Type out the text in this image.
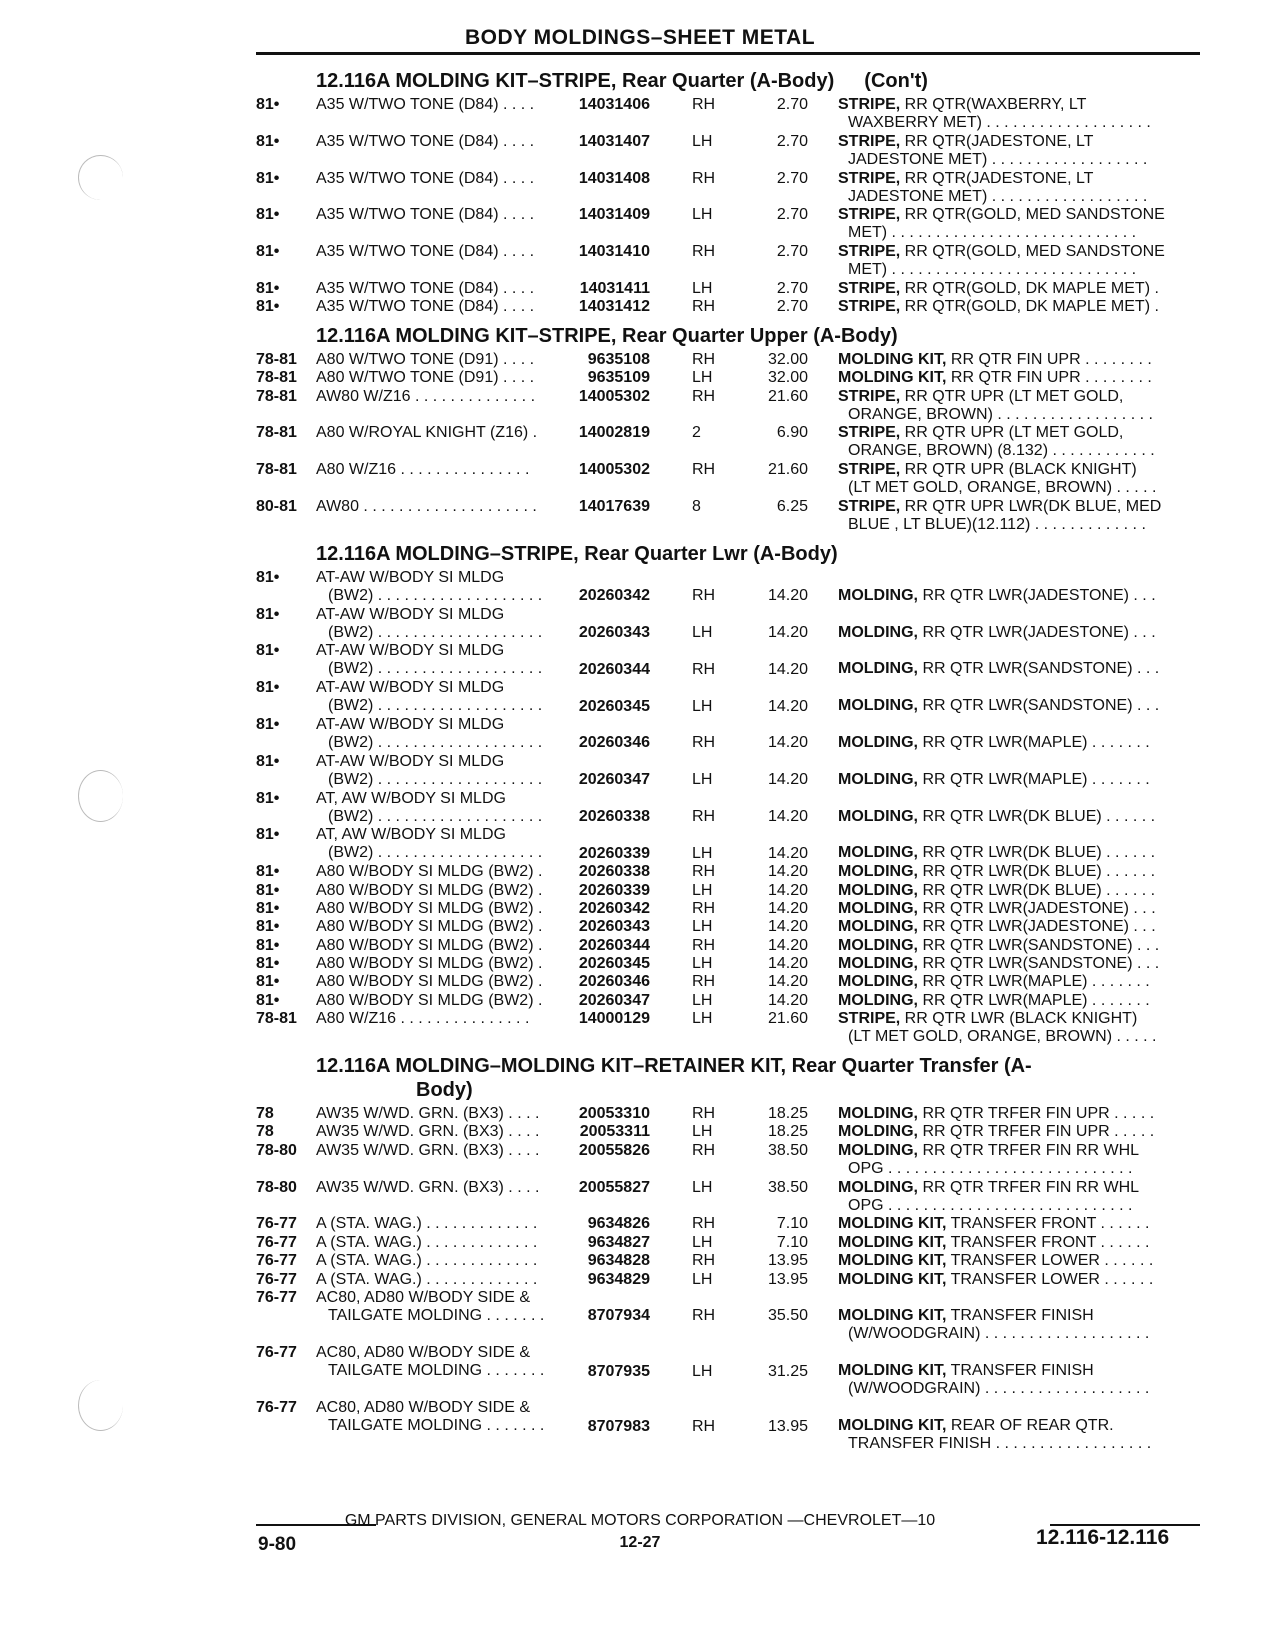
BODY MOLDINGS–SHEET METAL
12.116A MOLDING KIT–STRIPE, Rear Quarter (A-Body) (Con't)
81• A35 W/TWO TONE (D84) . . . .	14031406	RH	2.70 STRIPE, RR QTR(WAXBERRY, LT
WAXBERRY MET) . . . . . . . . . . . . . . . . . . .
81• A35 W/TWO TONE (D84) . . . .	14031407	LH	2.70 STRIPE, RR QTR(JADESTONE, LT
JADESTONE MET) . . . . . . . . . . . . . . . . . .
81• A35 W/TWO TONE (D84) . . . .	14031408	RH	2.70 STRIPE, RR QTR(JADESTONE, LT
JADESTONE MET) . . . . . . . . . . . . . . . . . .
81• A35 W/TWO TONE (D84) . . . .	14031409	LH	2.70 STRIPE, RR QTR(GOLD, MED SANDSTONE
MET) . . . . . . . . . . . . . . . . . . . . . . . . . . . .
81• A35 W/TWO TONE (D84) . . . .	14031410	RH	2.70 STRIPE, RR QTR(GOLD, MED SANDSTONE
MET) . . . . . . . . . . . . . . . . . . . . . . . . . . . .
81• A35 W/TWO TONE (D84) . . . .	14031411	LH	2.70 STRIPE, RR QTR(GOLD, DK MAPLE MET) .
81• A35 W/TWO TONE (D84) . . . .	14031412	RH	2.70 STRIPE, RR QTR(GOLD, DK MAPLE MET) .
12.116A MOLDING KIT–STRIPE, Rear Quarter Upper (A-Body)
78-81 A80 W/TWO TONE (D91) . . . .	9635108	RH	32.00 MOLDING KIT, RR QTR FIN UPR . . . . . . . .
78-81 A80 W/TWO TONE (D91) . . . .	9635109	LH	32.00 MOLDING KIT, RR QTR FIN UPR . . . . . . . .
78-81 AW80 W/Z16 . . . . . . . . . . . . . .	14005302	RH	21.60 STRIPE, RR QTR UPR (LT MET GOLD,
ORANGE, BROWN) . . . . . . . . . . . . . . . . . .
78-81 A80 W/ROYAL KNIGHT (Z16) .	14002819	2	6.90 STRIPE, RR QTR UPR (LT MET GOLD,
ORANGE, BROWN) (8.132) . . . . . . . . . . . .
78-81 A80 W/Z16 . . . . . . . . . . . . . . .	14005302	RH	21.60 STRIPE, RR QTR UPR (BLACK KNIGHT)
(LT MET GOLD, ORANGE, BROWN) . . . . .
80-81 AW80 . . . . . . . . . . . . . . . . . . . .	14017639	8	6.25 STRIPE, RR QTR UPR LWR(DK BLUE, MED
BLUE , LT BLUE)(12.112) . . . . . . . . . . . . .
12.116A MOLDING–STRIPE, Rear Quarter Lwr (A-Body)
81• AT-AW W/BODY SI MLDG
(BW2) . . . . . . . . . . . . . . . . . . .	20260342	RH	14.20
MOLDING, RR QTR LWR(JADESTONE) . . .
81• AT-AW W/BODY SI MLDG
(BW2) . . . . . . . . . . . . . . . . . . .	20260343	LH	14.20
MOLDING, RR QTR LWR(JADESTONE) . . .
81• AT-AW W/BODY SI MLDG
(BW2) . . . . . . . . . . . . . . . . . . .	20260344	RH	14.20
MOLDING, RR QTR LWR(SANDSTONE) . . .
81• AT-AW W/BODY SI MLDG
(BW2) . . . . . . . . . . . . . . . . . . .	20260345	LH	14.20
MOLDING, RR QTR LWR(SANDSTONE) . . .
81• AT-AW W/BODY SI MLDG
(BW2) . . . . . . . . . . . . . . . . . . .	20260346	RH	14.20
MOLDING, RR QTR LWR(MAPLE) . . . . . . .
81• AT-AW W/BODY SI MLDG
(BW2) . . . . . . . . . . . . . . . . . . .	20260347	LH	14.20
MOLDING, RR QTR LWR(MAPLE) . . . . . . .
81• AT, AW W/BODY SI MLDG
(BW2) . . . . . . . . . . . . . . . . . . .	20260338	RH	14.20
MOLDING, RR QTR LWR(DK BLUE) . . . . . .
81• AT, AW W/BODY SI MLDG
(BW2) . . . . . . . . . . . . . . . . . . .	20260339	LH	14.20
MOLDING, RR QTR LWR(DK BLUE) . . . . . .
81• A80 W/BODY SI MLDG (BW2) .	20260338	RH	14.20 MOLDING, RR QTR LWR(DK BLUE) . . . . . .
81• A80 W/BODY SI MLDG (BW2) .	20260339	LH	14.20 MOLDING, RR QTR LWR(DK BLUE) . . . . . .
81• A80 W/BODY SI MLDG (BW2) .	20260342	RH	14.20 MOLDING, RR QTR LWR(JADESTONE) . . .
81• A80 W/BODY SI MLDG (BW2) .	20260343	LH	14.20 MOLDING, RR QTR LWR(JADESTONE) . . .
81• A80 W/BODY SI MLDG (BW2) .	20260344	RH	14.20 MOLDING, RR QTR LWR(SANDSTONE) . . .
81• A80 W/BODY SI MLDG (BW2) .	20260345	LH	14.20 MOLDING, RR QTR LWR(SANDSTONE) . . .
81• A80 W/BODY SI MLDG (BW2) .	20260346	RH	14.20 MOLDING, RR QTR LWR(MAPLE) . . . . . . .
81• A80 W/BODY SI MLDG (BW2) .	20260347	LH	14.20 MOLDING, RR QTR LWR(MAPLE) . . . . . . .
78-81 A80 W/Z16 . . . . . . . . . . . . . . .	14000129	LH	21.60 STRIPE, RR QTR LWR (BLACK KNIGHT)
(LT MET GOLD, ORANGE, BROWN) . . . . .
12.116A MOLDING–MOLDING KIT–RETAINER KIT, Rear Quarter Transfer (A-
Body)
78	AW35 W/WD. GRN. (BX3) . . . .	20053310	RH	18.25 MOLDING, RR QTR TRFER FIN UPR . . . . .
78	AW35 W/WD. GRN. (BX3) . . . .	20053311	LH	18.25 MOLDING, RR QTR TRFER FIN UPR . . . . .
78-80 AW35 W/WD. GRN. (BX3) . . . .	20055826	RH	38.50 MOLDING, RR QTR TRFER FIN RR WHL
OPG . . . . . . . . . . . . . . . . . . . . . . . . . . . .
78-80 AW35 W/WD. GRN. (BX3) . . . .	20055827	LH	38.50 MOLDING, RR QTR TRFER FIN RR WHL
OPG . . . . . . . . . . . . . . . . . . . . . . . . . . . .
76-77 A (STA. WAG.) . . . . . . . . . . . . .	9634826	RH	7.10 MOLDING KIT, TRANSFER FRONT . . . . . .
76-77 A (STA. WAG.) . . . . . . . . . . . . .	9634827	LH	7.10 MOLDING KIT, TRANSFER FRONT . . . . . .
76-77 A (STA. WAG.) . . . . . . . . . . . . .	9634828	RH	13.95 MOLDING KIT, TRANSFER LOWER . . . . . .
76-77 A (STA. WAG.) . . . . . . . . . . . . .	9634829	LH	13.95 MOLDING KIT, TRANSFER LOWER . . . . . .
76-77 AC80, AD80 W/BODY SIDE &
TAILGATE MOLDING . . . . . . .	8707934	RH	35.50
MOLDING KIT, TRANSFER FINISH
(W/WOODGRAIN) . . . . . . . . . . . . . . . . . . .
76-77 AC80, AD80 W/BODY SIDE &
TAILGATE MOLDING . . . . . . .	8707935	LH	31.25
MOLDING KIT, TRANSFER FINISH
(W/WOODGRAIN) . . . . . . . . . . . . . . . . . . .
76-77 AC80, AD80 W/BODY SIDE &
TAILGATE MOLDING . . . . . . .	8707983	RH	13.95
MOLDING KIT, REAR OF REAR QTR.
TRANSFER FINISH . . . . . . . . . . . . . . . . . .
GM PARTS DIVISION, GENERAL MOTORS CORPORATION —CHEVROLET—10
9-80	12-27	12.116-12.116
